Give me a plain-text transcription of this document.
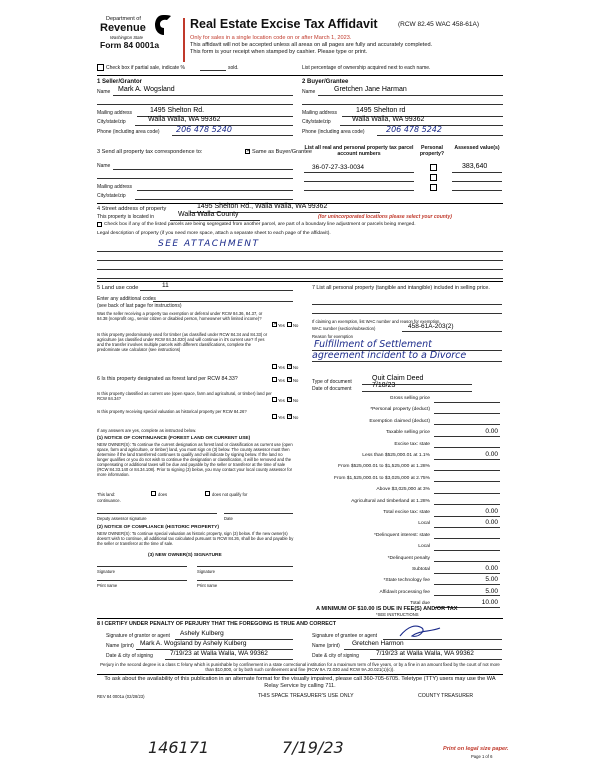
Department of
Revenue
Washington State
Form 84 0001a
Real Estate Excise Tax Affidavit	(RCW 82.45 WAC 458-61A)
Only for sales in a single location code on or after March 1, 2023.
This affidavit will not be accepted unless all areas on all pages are fully and accurately completed.
This form is your receipt when stamped by cashier. Please type or print.
Check box if partial sale, indicate %	sold.	List percentage of ownership acquired next to each name.
1 Seller/Grantor
Name Mark A. Wogsland
Mailing address	1495 Shelton Rd.
City/state/zip	Walla Walla, WA 99362
Phone (including area code) 206 478 5240
2 Buyer/Grantee
Name	Gretchen Jane Harman
Mailing address	1495 Shelton rd
City/state/zip	Walla Walla, WA 99362
Phone (including area code)	206 478 5242
3 Send all property tax correspondence to: ✕	Same as Buyer/Grantee
Name
Mailing address
City/state/zip
List all real and personal property tax parcel account numbers
Personal property?
Assessed value(s)
36-07-27-33-0034	383,640
4 Street address of property	1495 Shelton Rd., Walla Walla, WA 99362
This property is located in	Walla Walla County	(for unincorporated locations please select your county)
Check box if any of the listed parcels are being segregated from another parcel, are part of a boundary line adjustment or parcels being merged.
Legal description of property (if you need more space, attach a separate sheet to each page of the affidavit).
SEE ATTACHMENT
5 Land use code	11
Enter any additional codes
(see back of last page for instructions)
Was the seller receiving a property tax exemption or deferral under RCW 84.36, 84.37, or 84.38 (nonprofit org., senior citizen or disabled person, homeowner with limited income)?
✕
Yes No
Is this property predominately used for timber (as classified under RCW 84.34 and 84.33) or agriculture (as classified under RCW 84.34.020) and will continue in it's current use? If yes and the transfer involves multiple parcels with different classifications, complete the predominate use calculator (see instructions)
Yes ✕ No
6 Is this property designated as forest land per RCW 84.33?	Yes ✕ No
Is this property classified as current use (open space, farm and agricultural, or timber) land per RCW 84.34?	Yes ✕ No
Is this property receiving special valuation as historical property per RCW 84.26?
Yes ✕ No
If any answers are yes, complete as instructed below.
(1) NOTICE OF CONTINUANCE (FOREST LAND OR CURRENT USE)
NEW OWNER(S): To continue the current designation as forest land or classification as current use (open space, farm and agriculture, or timber) land, you must sign on (3) below. The county assessor must then determine if the land transferred continues to qualify and will indicate by signing below. If the land no longer qualifies or you do not wish to continue the designation or classification, it will be removed and the compensating or additional taxes will be due and payable by the seller or transferor at the time of sale (RCW 84.33.140 or 84.34.108). Prior to signing (3) below, you may contact your local county assessor for more information.
This land:	does	does not qualify for
continuance.
Deputy assessor signature	Date
(2) NOTICE OF COMPLIANCE (HISTORIC PROPERTY)
NEW OWNER(S): To continue special valuation as historic property, sign (3) below. If the new owner(s) doesn't wish to continue, all additional tax calculated pursuant to RCW 84.26, shall be due and payable by the seller or transferor at the time of sale.
(3) NEW OWNER(S) SIGNATURE
Signature	Signature
Print name	Print name
7 List all personal property (tangible and intangible) included in selling price.
If claiming an exemption, list WAC number and reason for exemption.
WAC number (section/subsection)	458-61A-203(2)
Reason for exemption
Fulfillment of Settlement
agreement incident to a Divorce
Type of document	Quit Claim Deed
Date of document	7/18/23
Gross selling price
*Personal property (deduct)
Exemption claimed (deduct)
Taxable selling price	0.00
Excise tax: state
Less than $525,000.01 at 1.1%	0.00
From $525,000.01 to $1,525,000 at 1.28%
From $1,525,000.01 to $3,025,000 at 2.75%
Above $3,025,000 at 3%
Agricultural and timberland at 1.28%
Total excise tax: state	0.00
Local	0.00
*Delinquent interest: state
Local
*Delinquent penalty
Subtotal	0.00
*State technology fee	5.00
Affidavit processing fee	5.00
Total due	10.00
A MINIMUM OF $10.00 IS DUE IN FEE(S) AND/OR TAX
*SEE INSTRUCTIONS
8 I CERTIFY UNDER PENALTY OF PERJURY THAT THE FOREGOING IS TRUE AND CORRECT
Signature of grantor or agent Ashely Kulberg
Name (print) Mark A. Wogsland by Ashely Kulberg
Date & city of signing	7/19/23 at Walla Walla, WA 99362
Signature of grantee or agent
Name (print) Gretchen Harmon
Date & city of signing	7/19/23 at Walla Walla, WA 99362
Perjury in the second degree is a class C felony which is punishable by confinement in a state correctional institution for a maximum term of five years, or by a fine in an amount fixed by the court of not more than $10,000, or by both such confinement and fine (RCW 9A.72.030 and RCW 9A.20.021(1)(c)).
To ask about the availability of this publication in an alternate format for the visually impaired, please call 360-705-6705. Teletype (TTY) users may use the WA Relay Service by calling 711.
REV 84 0001a (02/28/23)	THIS SPACE TREASURER'S USE ONLY	COUNTY TREASURER
146171	7/19/23	Print on legal size paper.
Page 1 of 6
